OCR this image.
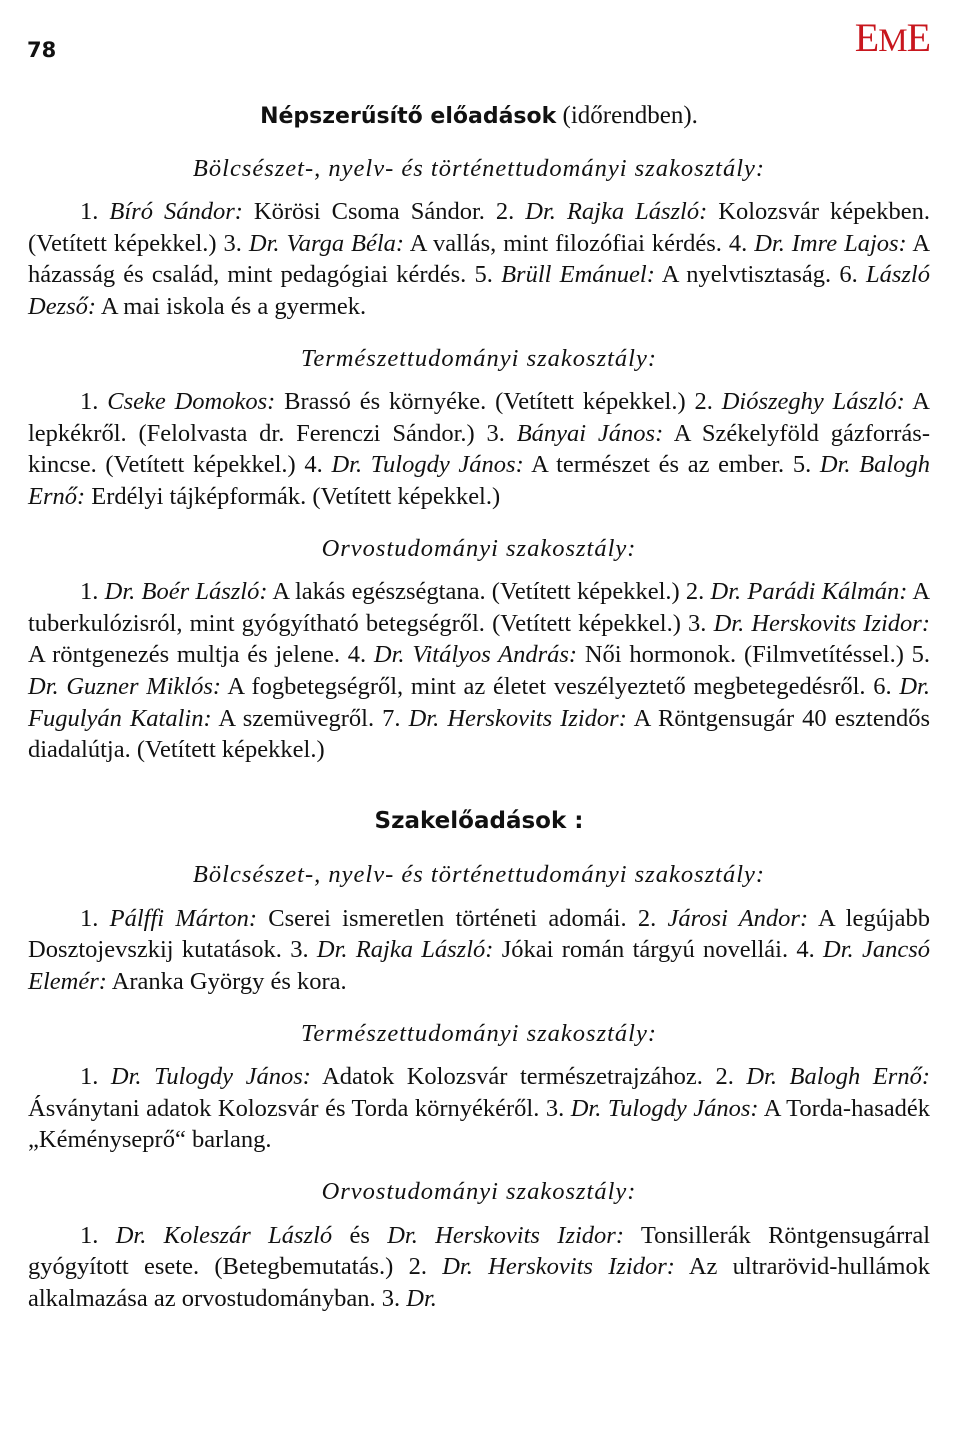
78	EME
Népszerűsítő előadások (időrendben).
Bölcsészet-, nyelv- és történettudományi szakosztály:

1. Bíró Sándor: Körösi Csoma Sándor. 2. Dr. Rajka László: Kolozsvár képekben. (Vetített képekkel.) 3. Dr. Varga Béla: A vallás, mint filozófiai kérdés. 4. Dr. Imre Lajos: A házasság és család, mint pedagógiai kérdés. 5. Brüll Emánuel: A nyelvtisztaság. 6. László Dezső: A mai iskola és a gyermek.

Természettudományi szakosztály:

1. Cseke Domokos: Brassó és környéke. (Vetített képekkel.) 2. Diószeghy László: A lepkékről. (Felolvasta dr. Ferenczi Sándor.) 3. Bányai János: A Székelyföld gázforrás-kincse. (Vetített képekkel.) 4. Dr. Tulogdy János: A természet és az ember. 5. Dr. Balogh Ernő: Erdélyi tájképformák. (Vetített képekkel.)

Orvostudományi szakosztály:

1. Dr. Boér László: A lakás egészségtana. (Vetített képekkel.) 2. Dr. Parádi Kálmán: A tuberkulózisról, mint gyógyítható betegségről. (Vetített képekkel.) 3. Dr. Herskovits Izidor: A röntgenezés multja és jelene. 4. Dr. Vitályos András: Női hormonok. (Filmvetítéssel.) 5. Dr. Guzner Miklós: A fogbetegségről, mint az életet veszélyeztető megbetegedésről. 6. Dr. Fugulyán Katalin: A szemüvegről. 7. Dr. Herskovits Izidor: A Röntgensugár 40 esztendős diadalútja. (Vetített képekkel.)

Szakelőadások :
Bölcsészet-, nyelv- és történettudományi szakosztály:

1. Pálffi Márton: Cserei ismeretlen történeti adomái. 2. Járosi Andor: A legújabb Dosztojevszkij kutatások. 3. Dr. Rajka László: Jókai román tárgyú novellái. 4. Dr. Jancsó Elemér: Aranka György és kora.

Természettudományi szakosztály:

1. Dr. Tulogdy János: Adatok Kolozsvár természetrajzához. 2. Dr. Balogh Ernő: Ásványtani adatok Kolozsvár és Torda környékéről. 3. Dr. Tulogdy János: A Torda-hasadék „Kéményseprő“ barlang.

Orvostudományi szakosztály:

1. Dr. Koleszár László és Dr. Herskovits Izidor: Tonsillerák Röntgensugárral gyógyított esete. (Betegbemutatás.) 2. Dr. Herskovits Izidor: Az ultrarövid-hullámok alkalmazása az orvostudományban. 3. Dr.
